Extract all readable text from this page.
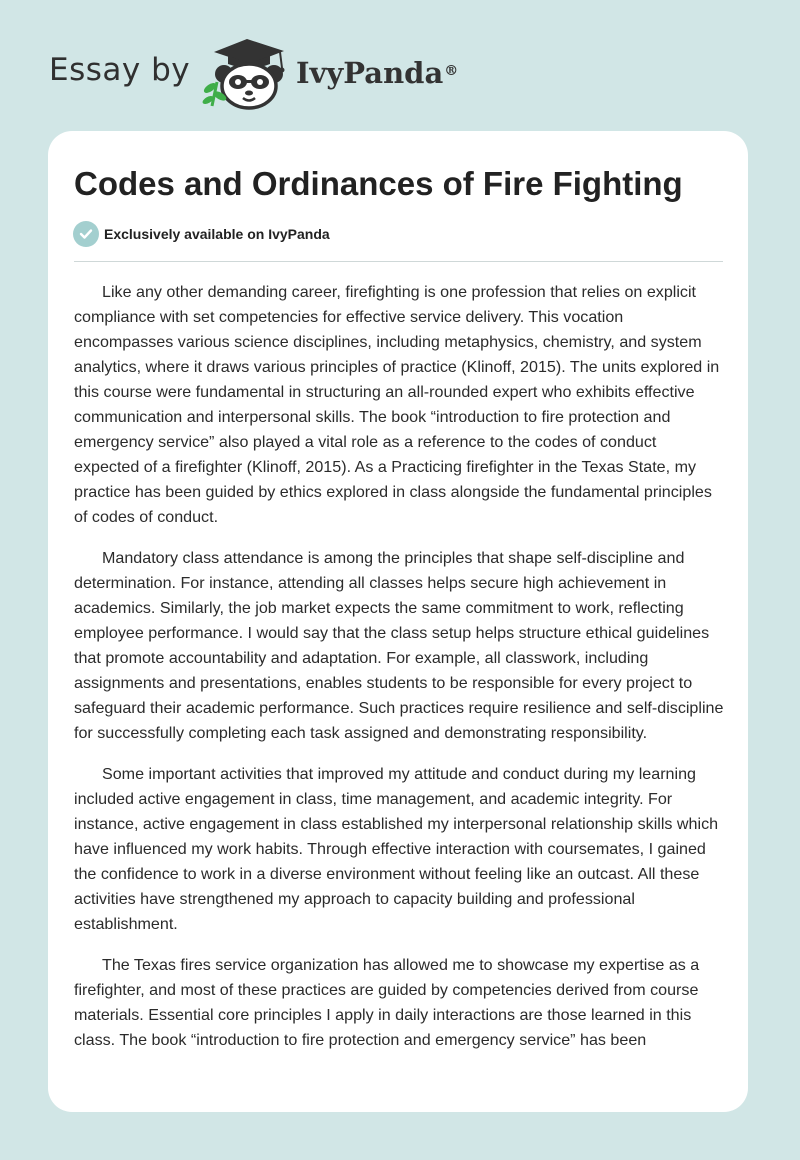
Essay by	IvyPanda®
Codes and Ordinances of Fire Fighting
Exclusively available on IvyPanda

Like any other demanding career, firefighting is one profession that relies on explicit compliance with set competencies for effective service delivery. This vocation encompasses various science disciplines, including metaphysics, chemistry, and system analytics, where it draws various principles of practice (Klinoff, 2015). The units explored in this course were fundamental in structuring an all-rounded expert who exhibits effective communication and interpersonal skills. The book “introduction to fire protection and emergency service” also played a vital role as a reference to the codes of conduct expected of a firefighter (Klinoff, 2015). As a Practicing firefighter in the Texas State, my practice has been guided by ethics explored in class alongside the fundamental principles of codes of conduct.

Mandatory class attendance is among the principles that shape self-discipline and determination. For instance, attending all classes helps secure high achievement in academics. Similarly, the job market expects the same commitment to work, reflecting employee performance. I would say that the class setup helps structure ethical guidelines that promote accountability and adaptation. For example, all classwork, including assignments and presentations, enables students to be responsible for every project to safeguard their academic performance. Such practices require resilience and self-discipline for successfully completing each task assigned and demonstrating responsibility.

Some important activities that improved my attitude and conduct during my learning included active engagement in class, time management, and academic integrity. For instance, active engagement in class established my interpersonal relationship skills which have influenced my work habits. Through effective interaction with coursemates, I gained the confidence to work in a diverse environment without feeling like an outcast. All these activities have strengthened my approach to capacity building and professional establishment.

The Texas fires service organization has allowed me to showcase my expertise as a firefighter, and most of these practices are guided by competencies derived from course materials. Essential core principles I apply in daily interactions are those learned in this class. The book “introduction to fire protection and emergency service” has been
